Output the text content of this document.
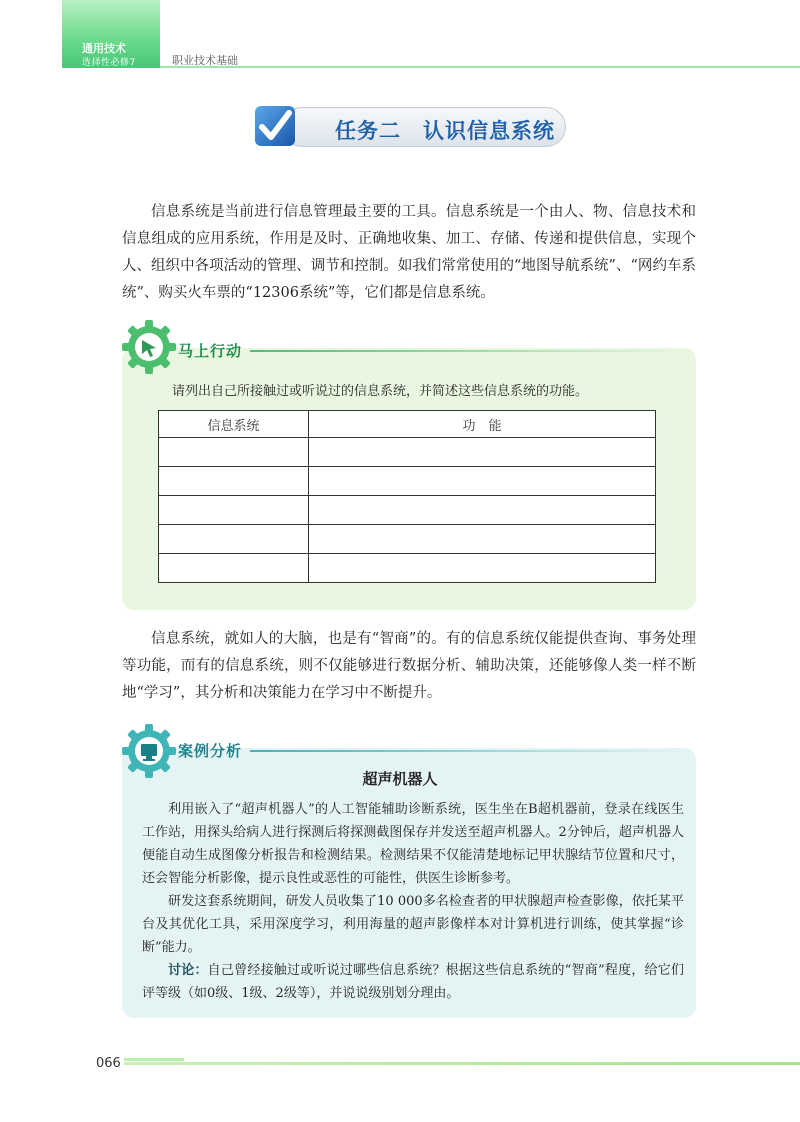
通用技术
选择性必修7	职业技术基础
任务二　认识信息系统

信息系统是当前进行信息管理最主要的工具。信息系统是一个由人、物、信息技术和信息组成的应用系统，作用是及时、正确地收集、加工、存储、传递和提供信息，实现个人、组织中各项活动的管理、调节和控制。如我们常常使用的“地图导航系统”、“网约车系统”、购买火车票的“12306系统”等，它们都是信息系统。

马上行动
请列出自己所接触过或听说过的信息系统，并简述这些信息系统的功能。
信息系统	功　能

信息系统，就如人的大脑，也是有“智商”的。有的信息系统仅能提供查询、事务处理等功能，而有的信息系统，则不仅能够进行数据分析、辅助决策，还能够像人类一样不断地“学习”，其分析和决策能力在学习中不断提升。

案例分析
超声机器人

利用嵌入了“超声机器人”的人工智能辅助诊断系统，医生坐在B超机器前，登录在线医生工作站，用探头给病人进行探测后将探测截图保存并发送至超声机器人。2分钟后，超声机器人便能自动生成图像分析报告和检测结果。检测结果不仅能清楚地标记甲状腺结节位置和尺寸，还会智能分析影像，提示良性或恶性的可能性，供医生诊断参考。

研发这套系统期间，研发人员收集了10 000多名检查者的甲状腺超声检查影像，依托某平台及其优化工具，采用深度学习，利用海量的超声影像样本对计算机进行训练，使其掌握“诊断”能力。

讨论：自己曾经接触过或听说过哪些信息系统？根据这些信息系统的“智商”程度，给它们评等级（如0级、1级、2级等），并说说级别划分理由。

066
